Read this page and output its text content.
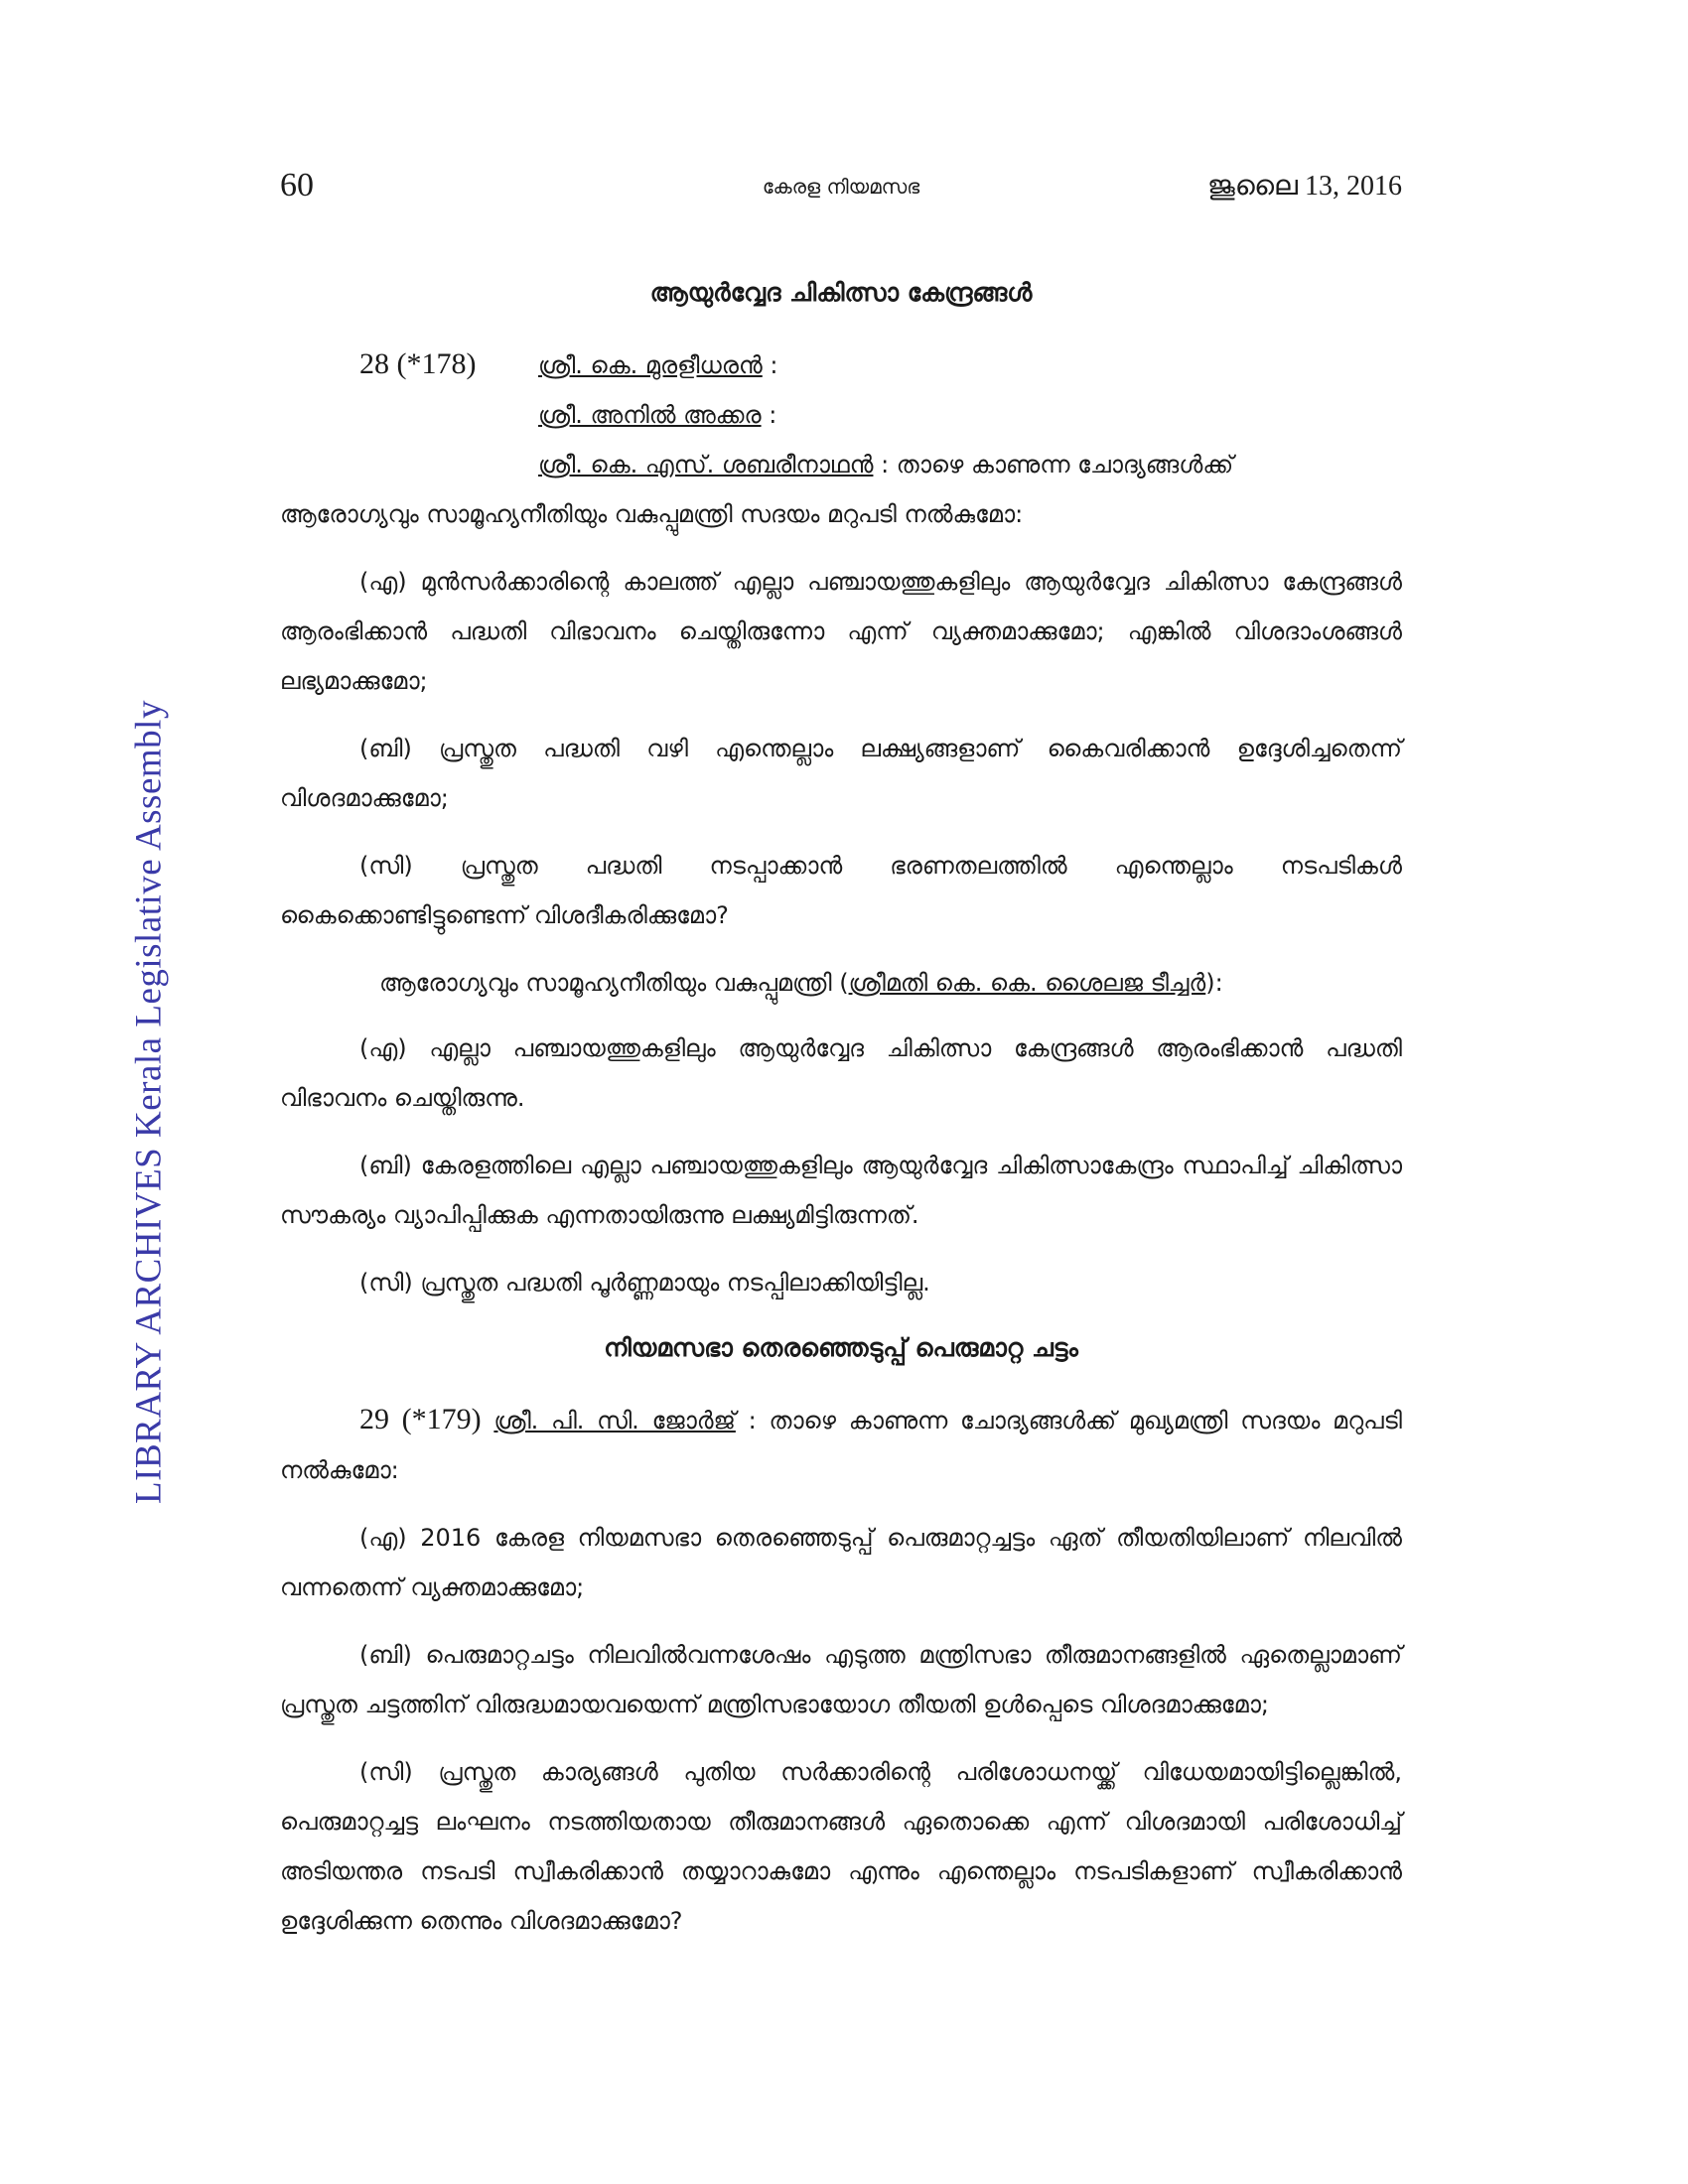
LIBRARY ARCHIVES Kerala Legislative Assembly
60	കേരള നിയമസഭ	ജൂലൈ 13, 2016
ആയുർവ്വേദ ചികിത്സാ കേന്ദ്രങ്ങൾ
28 (*178)	ശ്രീ. കെ. മുരളീധരൻ :
ശ്രീ. അനിൽ അക്കര :
ശ്രീ. കെ. എസ്. ശബരീനാഥൻ : താഴെ കാണുന്ന ചോദ്യങ്ങൾക്ക്
ആരോഗ്യവും സാമൂഹ്യനീതിയും വകുപ്പുമന്ത്രി സദയം മറുപടി നൽകുമോ:

(എ) മുൻസർക്കാരിന്റെ കാലത്ത് എല്ലാ പഞ്ചായത്തുകളിലും ആയുർവ്വേദ ചികിത്സാ കേന്ദ്രങ്ങൾ ആരംഭിക്കാൻ പദ്ധതി വിഭാവനം ചെയ്തിരുന്നോ എന്ന് വ്യക്തമാക്കുമോ; എങ്കിൽ വിശദാംശങ്ങൾ ലഭ്യമാക്കുമോ;

(ബി) പ്രസ്തുത പദ്ധതി വഴി എന്തെല്ലാം ലക്ഷ്യങ്ങളാണ് കൈവരിക്കാൻ ഉദ്ദേശിച്ചതെന്ന് വിശദമാക്കുമോ;

(സി) പ്രസ്തുത പദ്ധതി നടപ്പാക്കാൻ ഭരണതലത്തിൽ എന്തെല്ലാം നടപടികൾ കൈക്കൊണ്ടിട്ടുണ്ടെന്ന് വിശദീകരിക്കുമോ?

ആരോഗ്യവും സാമൂഹ്യനീതിയും വകുപ്പുമന്ത്രി (ശ്രീമതി കെ. കെ. ശൈലജ ടീച്ചർ):

(എ) എല്ലാ പഞ്ചായത്തുകളിലും ആയുർവ്വേദ ചികിത്സാ കേന്ദ്രങ്ങൾ ആരംഭിക്കാൻ പദ്ധതി വിഭാവനം ചെയ്തിരുന്നു.

(ബി) കേരളത്തിലെ എല്ലാ പഞ്ചായത്തുകളിലും ആയുർവ്വേദ ചികിത്സാകേന്ദ്രം സ്ഥാപിച്ച് ചികിത്സാ സൗകര്യം വ്യാപിപ്പിക്കുക എന്നതായിരുന്നു ലക്ഷ്യമിട്ടിരുന്നത്.

(സി) പ്രസ്തുത പദ്ധതി പൂർണ്ണമായും നടപ്പിലാക്കിയിട്ടില്ല.

നിയമസഭാ തെരഞ്ഞെടുപ്പ് പെരുമാറ്റ ചട്ടം

29 (*179) ശ്രീ. പി. സി. ജോർജ് : താഴെ കാണുന്ന ചോദ്യങ്ങൾക്ക് മുഖ്യമന്ത്രി സദയം മറുപടി നൽകുമോ:

(എ) 2016 കേരള നിയമസഭാ തെരഞ്ഞെടുപ്പ് പെരുമാറ്റച്ചട്ടം ഏത് തീയതിയിലാണ് നിലവിൽ വന്നതെന്ന് വ്യക്തമാക്കുമോ;

(ബി) പെരുമാറ്റചട്ടം നിലവിൽവന്നശേഷം എടുത്ത മന്ത്രിസഭാ തീരുമാനങ്ങളിൽ ഏതെല്ലാമാണ് പ്രസ്തുത ചട്ടത്തിന് വിരുദ്ധമായവയെന്ന് മന്ത്രിസഭായോഗ തീയതി ഉൾപ്പെടെ വിശദമാക്കുമോ;

(സി) പ്രസ്തുത കാര്യങ്ങൾ പുതിയ സർക്കാരിന്റെ പരിശോധനയ്ക്ക് വിധേയമായിട്ടില്ലെങ്കിൽ, പെരുമാറ്റച്ചട്ട ലംഘനം നടത്തിയതായ തീരുമാനങ്ങൾ ഏതൊക്കെ എന്ന് വിശദമായി പരിശോധിച്ച് അടിയന്തര നടപടി സ്വീകരിക്കാൻ തയ്യാറാകുമോ എന്നും എന്തെല്ലാം നടപടികളാണ് സ്വീകരിക്കാൻ ഉദ്ദേശിക്കുന്ന തെന്നും വിശദമാക്കുമോ?
